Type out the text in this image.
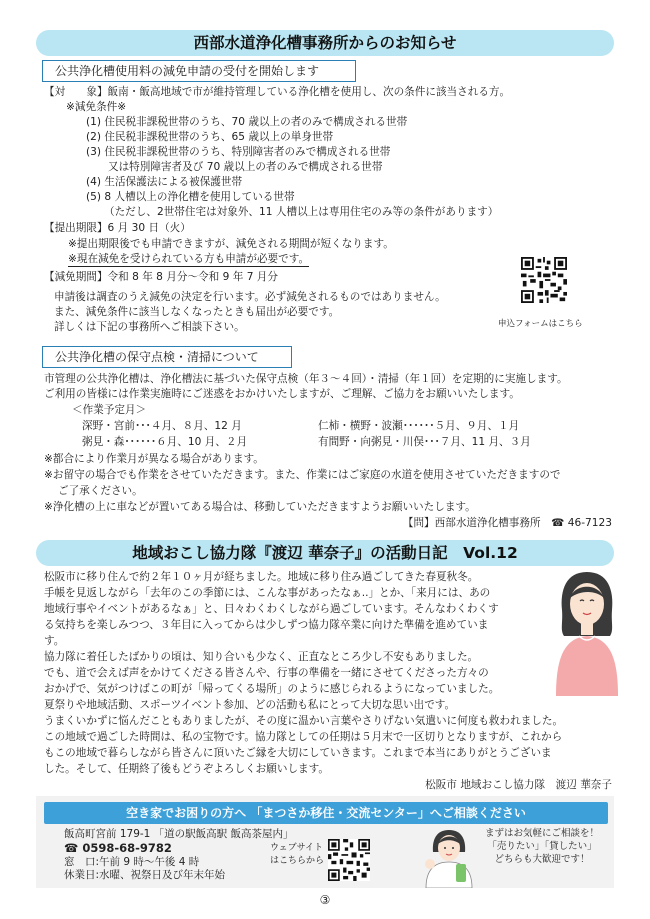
西部水道浄化槽事務所からのお知らせ
公共浄化槽使用料の減免申請の受付を開始します
【対　　象】飯南・飯高地域で市が維持管理している浄化槽を使用し、次の条件に該当される方。
※減免条件※
(1) 住民税非課税世帯のうち、70 歳以上の者のみで構成される世帯
(2) 住民税非課税世帯のうち、65 歳以上の単身世帯
(3) 住民税非課税世帯のうち、特別障害者のみで構成される世帯
又は特別障害者及び 70 歳以上の者のみで構成される世帯
(4) 生活保護法による被保護世帯
(5) 8 人槽以上の浄化槽を使用している世帯
（ただし、2世帯住宅は対象外、11 人槽以上は専用住宅のみ等の条件があります）
【提出期限】6 月 30 日（火）
※提出期限後でも申請できますが、減免される期間が短くなります。
※現在減免を受けられている方も申請が必要です。
【減免期間】令和 8 年 8 月分～令和 9 年 7 月分
申請後は調査のうえ減免の決定を行います。必ず減免されるものではありません。
また、減免条件に該当しなくなったときも届出が必要です。
詳しくは下記の事務所へご相談下さい。	申込フォームはこちら
公共浄化槽の保守点検・清掃について
市管理の公共浄化槽は、浄化槽法に基づいた保守点検（年３～４回）・清掃（年１回）を定期的に実施します。
ご利用の皆様には作業実施時にご迷惑をおかけいたしますが、ご理解、ご協力をお願いいたします。
＜作業予定月＞
深野・宮前･･･４月、８月、12 月	仁柿・横野・波瀬･･････５月、９月、１月
粥見・森･･････６月、10 月、２月	有間野・向粥見・川俣･･･７月、11 月、３月
※都合により作業月が異なる場合があります。
※お留守の場合でも作業をさせていただきます。また、作業にはご家庭の水道を使用させていただきますので
ご了承ください。
※浄化槽の上に車などが置いてある場合は、移動していただきますようお願いいたします。
【問】西部水道浄化槽事務所　☎ 46-7123
地域おこし協力隊『渡辺 華奈子』の活動日記　Vol.12
松阪市に移り住んで約２年１０ヶ月が経ちました。地域に移り住み過ごしてきた春夏秋冬。
手帳を見返しながら「去年のこの季節には、こんな事があったなぁ..」とか、「来月には、あの
地域行事やイベントがあるなぁ」と、日々わくわくしながら過ごしています。そんなわくわくす
る気持ちを楽しみつつ、３年目に入ってからは少しずつ協力隊卒業に向けた準備を進めていま
す。
協力隊に着任したばかりの頃は、知り合いも少なく、正直なところ少し不安もありました。
でも、道で会えば声をかけてくださる皆さんや、行事の準備を一緒にさせてくださった方々の
おかげで、気がつけばこの町が「帰ってくる場所」のように感じられるようになっていました。
夏祭りや地域活動、スポーツイベント参加、どの活動も私にとって大切な思い出です。
うまくいかずに悩んだこともありましたが、その度に温かい言葉やさりげない気遣いに何度も救われました。
この地域で過ごした時間は、私の宝物です。協力隊としての任期は５月末で一区切りとなりますが、これから
もこの地域で暮らしながら皆さんに頂いたご縁を大切にしていきます。これまで本当にありがとうございま
した。そして、任期終了後もどうぞよろしくお願いします。
松阪市 地域おこし協力隊　渡辺 華奈子
空き家でお困りの方へ 「まつさか移住・交流センター」へご相談ください
飯高町宮前 179-1 「道の駅飯高駅 飯高茶屋内」
☎ 0598-68-9782
窓　口:午前 9 時～午後 4 時
休業日:水曜、祝祭日及び年末年始
ウェブサイト
はこちらから
まずはお気軽にご相談を！
「売りたい」「貸したい」
どちらも大歓迎です！
③
